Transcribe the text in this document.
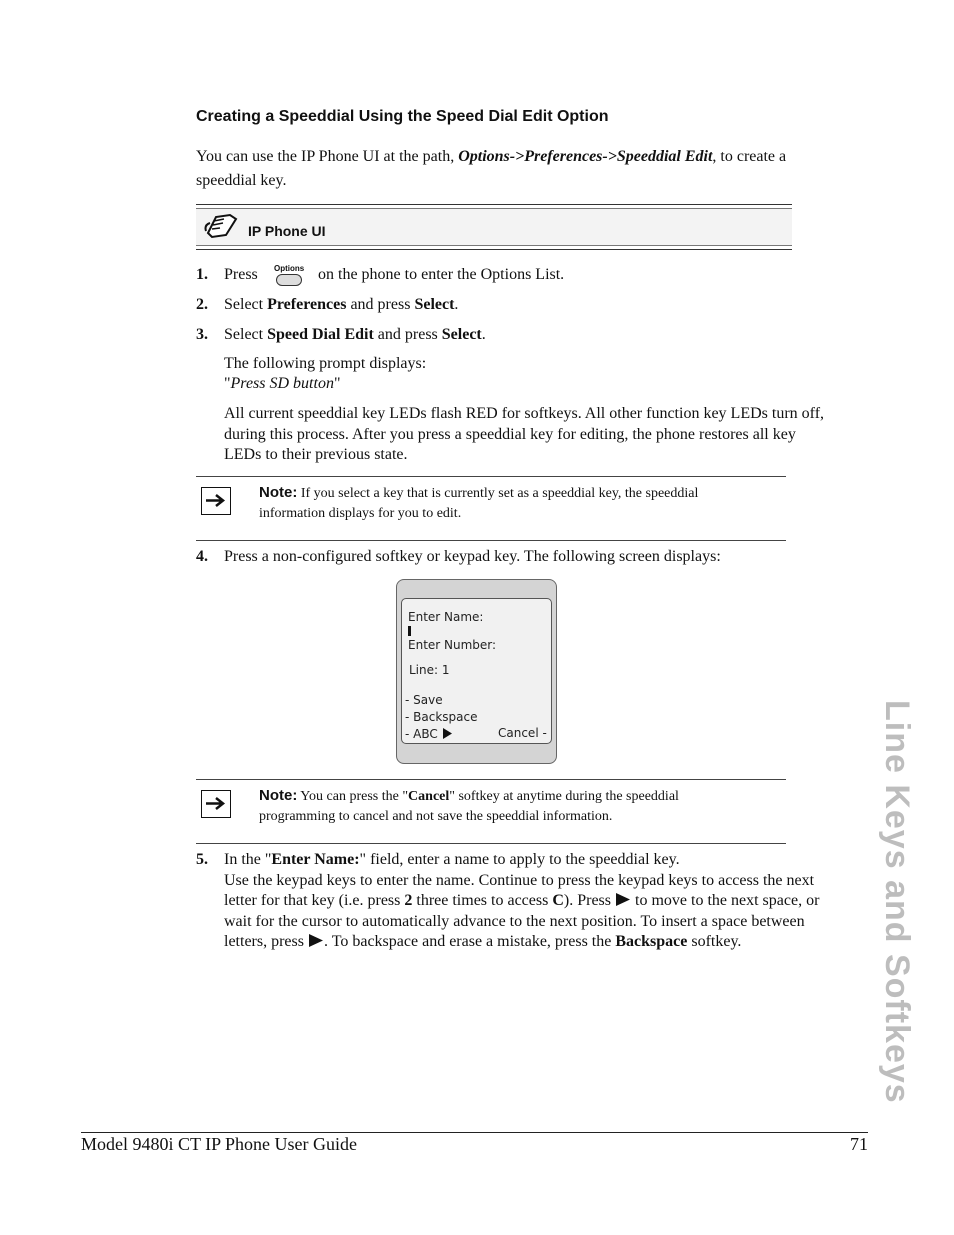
Creating a Speeddial Using the Speed Dial Edit Option
You can use the IP Phone UI at the path, Options->Preferences->Speeddial Edit, to create a
speeddial key.
IP Phone UI
1. Press Options on the phone to enter the Options List.
2. Select Preferences and press Select.
3. Select Speed Dial Edit and press Select.
The following prompt displays:
"Press SD button"
All current speeddial key LEDs flash RED for softkeys. All other function key LEDs turn off,
during this process. After you press a speeddial key for editing, the phone restores all key
LEDs to their previous state.
Note: If you select a key that is currently set as a speeddial key, the speeddial
information displays for you to edit.
4. Press a non-configured softkey or keypad key. The following screen displays:
Enter Name:
Enter Number:
Line: 1
- Save
- Backspace
- ABC	Cancel -
Note: You can press the "Cancel" softkey at anytime during the speeddial
programming to cancel and not save the speeddial information.
5. In the "Enter Name:" field, enter a name to apply to the speeddial key.
Use the keypad keys to enter the name. Continue to press the keypad keys to access the next
letter for that key (i.e. press 2 three times to access C). Press  to move to the next space, or
wait for the cursor to automatically advance to the next position. To insert a space between
letters, press . To backspace and erase a mistake, press the Backspace softkey.	Line Keys and Softkeys
Model 9480i CT IP Phone User Guide	71
